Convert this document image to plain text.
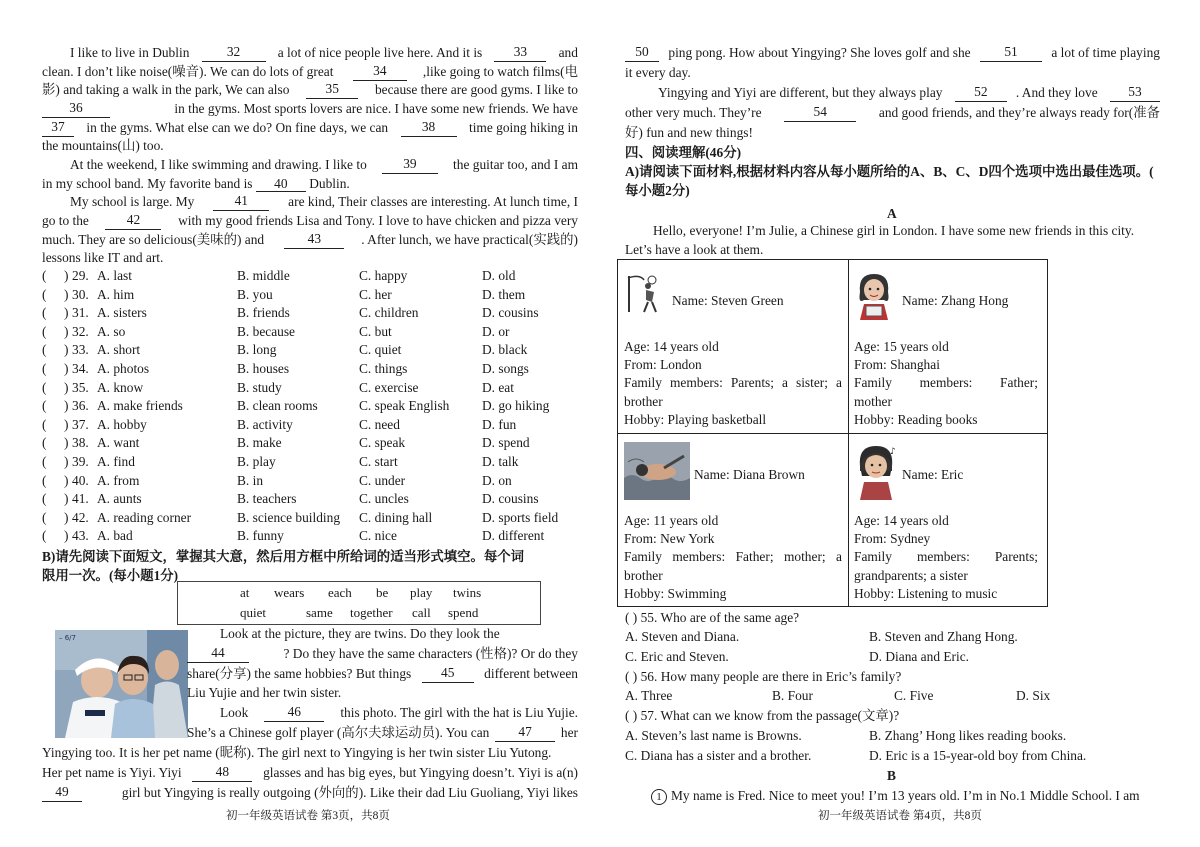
I like to live in Dublin	32	a lot of nice people live here. And it is	33	and
clean. I don’t like noise(噪音). We can do lots of great	34	,like going to watch films(电
影) and taking a walk in the park, We can also	35	because there are good gyms. I like to
36	in the gyms. Most sports lovers are nice. I have some new friends. We have
37	in the gyms. What else can we do? On fine days, we can	38	time going hiking in
the mountains(山) too.
At the weekend, I like swimming and drawing. I like to	39	the guitar too, and I am
in my school band. My favorite band is 40 Dublin.
My school is large. My	41	are kind, Their classes are interesting. At lunch time, I
go to the	42	with my good friends Lisa and Tony. I love to have chicken and pizza very
much. They are so delicious(美味的) and	43	. After lunch, we have practical(实践的)
lessons like IT and art.
( ) 29. A. last	B. middle	C. happy	D. old
( ) 30. A. him	B. you	C. her	D. them
( ) 31. A. sisters	B. friends	C. children	D. cousins
( ) 32. A. so	B. because	C. but	D. or
( ) 33. A. short	B. long	C. quiet	D. black
( ) 34. A. photos	B. houses	C. things	D. songs
( ) 35. A. know	B. study	C. exercise	D. eat
( ) 36. A. make friends	B. clean rooms	C. speak English D. go hiking
( ) 37. A. hobby	B. activity	C. need	D. fun
( ) 38. A. want	B. make	C. speak	D. spend
( ) 39. A. find	B. play	C. start	D. talk
( ) 40. A. from	B. in	C. under	D. on
( ) 41. A. aunts	B. teachers	C. uncles	D. cousins
( ) 42. A. reading corner	B. science building C. dining hall	D. sports field
( ) 43. A. bad	B. funny	C. nice	D. different
B)请先阅读下面短文，掌握其大意，然后用方框中所给词的适当形式填空。每个词
限用一次。(每小题1分)
at wears each be play twins
quiet	same together call spend
– 6/7	Look at the picture, they are twins. Do they look the
44	? Do they have the same characters (性格)? Or do they
share(分享) the same hobbies? But things	45	different between
Liu Yujie and her twin sister.
Look	46	this photo. The girl with the hat is Liu Yujie.
She’s a Chinese golf player (高尔夫球运动员). You can	47	her
Yingying too. It is her pet name (昵称). The girl next to Yingying is her twin sister Liu Yutong.
Her pet name is Yiyi. Yiyi	48	glasses and has big eyes, but Yingying doesn’t. Yiyi is a(n)
49	girl but Yingying is really outgoing (外向的). Like their dad Liu Guoliang, Yiyi likes
初一年级英语试卷 第3页，共8页
50	ping pong. How about Yingying? She loves golf and she	51	a lot of time playing
it every day.
Yingying and Yiyi are different, but they always play	52	. And they love	53
other very much. They’re	54	and good friends, and they’re always ready for(准备
好) fun and new things!
四、阅读理解(46分)
A)请阅读下面材料,根据材料内容从每小题所给的A、B、C、D四个选项中选出最佳选项。(
每小题2分)
A
Hello, everyone! I’m Julie, a Chinese girl in London. I have some new friends in this city.
Let’s have a look at them.
Name: Steven Green
Age: 14 years old
From: London
Family members: Parents; a sister; a
brother
Hobby: Playing basketball
Name: Zhang Hong
Age: 15 years old
From: Shanghai
Family members: Father;
mother
Hobby: Reading books
Name: Diana Brown
Age: 11 years old
From: New York
Family members: Father; mother; a
brother
Hobby: Swimming
♪
Name: Eric
Age: 14 years old
From: Sydney
Family members: Parents;
grandparents; a sister
Hobby: Listening to music
( ) 55. Who are of the same age?
A. Steven and Diana.	B. Steven and Zhang Hong.
C. Eric and Steven.	D. Diana and Eric.
( ) 56. How many people are there in Eric’s family?
A. Three	B. Four	C. Five	D. Six
( ) 57. What can we know from the passage(文章)?
A. Steven’s last name is Browns.	B. Zhang’ Hong likes reading books.
C. Diana has a sister and a brother.	D. Eric is a 15-year-old boy from China.
B
1 My name is Fred. Nice to meet you! I’m 13 years old. I’m in No.1 Middle School. I am
初一年级英语试卷 第4页，共8页
